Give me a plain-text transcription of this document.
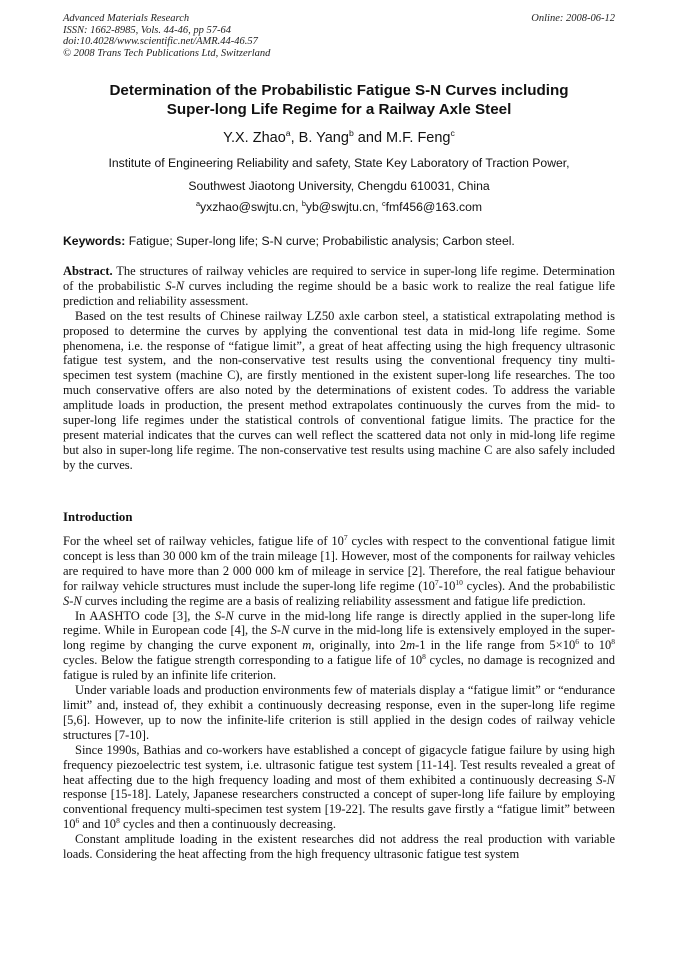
Advanced Materials Research
ISSN: 1662-8985, Vols. 44-46, pp 57-64
doi:10.4028/www.scientific.net/AMR.44-46.57
© 2008 Trans Tech Publications Ltd, Switzerland
Online: 2008-06-12
Determination of the Probabilistic Fatigue S-N Curves including
Super-long Life Regime for a Railway Axle Steel
Y.X. Zhao$^a$, B. Yang$^b$ and M.F. Feng$^c$
Institute of Engineering Reliability and safety, State Key Laboratory of Traction Power,
Southwest Jiaotong University, Chengdu 610031, China
$^a$yxzhao@swjtu.cn, $^b$yb@swjtu.cn, $^c$fmf456@163.com
Keywords: Fatigue; Super-long life; S-N curve; Probabilistic analysis; Carbon steel.

Abstract. The structures of railway vehicles are required to service in super-long life regime. Determination of the probabilistic S-N curves including the regime should be a basic work to realize the real fatigue life prediction and reliability assessment.

Based on the test results of Chinese railway LZ50 axle carbon steel, a statistical extrapolating method is proposed to determine the curves by applying the conventional test data in mid-long life regime. Some phenomena, i.e. the response of “fatigue limit”, a great of heat affecting using the high frequency ultrasonic fatigue test system, and the non-conservative test results using the conventional frequency tiny multi-specimen test system (machine C), are firstly mentioned in the existent super-long life researches. The too much conservative offers are also noted by the determinations of existent codes. To address the variable amplitude loads in production, the present method extrapolates continuously the curves from the mid- to super-long life regimes under the statistical controls of conventional fatigue limits. The practice for the present material indicates that the curves can well reflect the scattered data not only in mid-long life regime but also in super-long life regime. The non-conservative test results using machine C are also safely included by the curves.

Introduction

For the wheel set of railway vehicles, fatigue life of $10^7$ cycles with respect to the conventional fatigue limit concept is less than 30 000 km of the train mileage [1]. However, most of the components for railway vehicles are required to have more than 2 000 000 km of mileage in service [2]. Therefore, the real fatigue behaviour for railway vehicle structures must include the super-long life regime ($10^7-10^{10}$ cycles). And the probabilistic S-N curves including the regime are a basis of realizing reliability assessment and fatigue life prediction.

In AASHTO code [3], the S-N curve in the mid-long life range is directly applied in the super-long life regime. While in European code [4], the S-N curve in the mid-long life is extensively employed in the super-long regime by changing the curve exponent m, originally, into 2m-1 in the life range from $5\times 10^6$ to $10^8$ cycles. Below the fatigue strength corresponding to a fatigue life of $10^8$ cycles, no damage is recognized and fatigue is ruled by an infinite life criterion.

Under variable loads and production environments few of materials display a “fatigue limit” or “endurance limit” and, instead of, they exhibit a continuously decreasing response, even in the super-long life regime [5,6]. However, up to now the infinite-life criterion is still applied in the design codes of railway vehicle structures [7-10].

Since 1990s, Bathias and co-workers have established a concept of gigacycle fatigue failure by using high frequency piezoelectric test system, i.e. ultrasonic fatigue test system [11-14]. Test results revealed a great of heat affecting due to the high frequency loading and most of them exhibited a continuously decreasing S-N response [15-18]. Lately, Japanese researchers constructed a concept of super-long life failure by employing conventional frequency multi-specimen test system [19-22]. The results gave firstly a “fatigue limit” between $10^6$ and $10^8$ cycles and then a continuously decreasing.

Constant amplitude loading in the existent researches did not address the real production with variable loads. Considering the heat affecting from the high frequency ultrasonic fatigue test system
